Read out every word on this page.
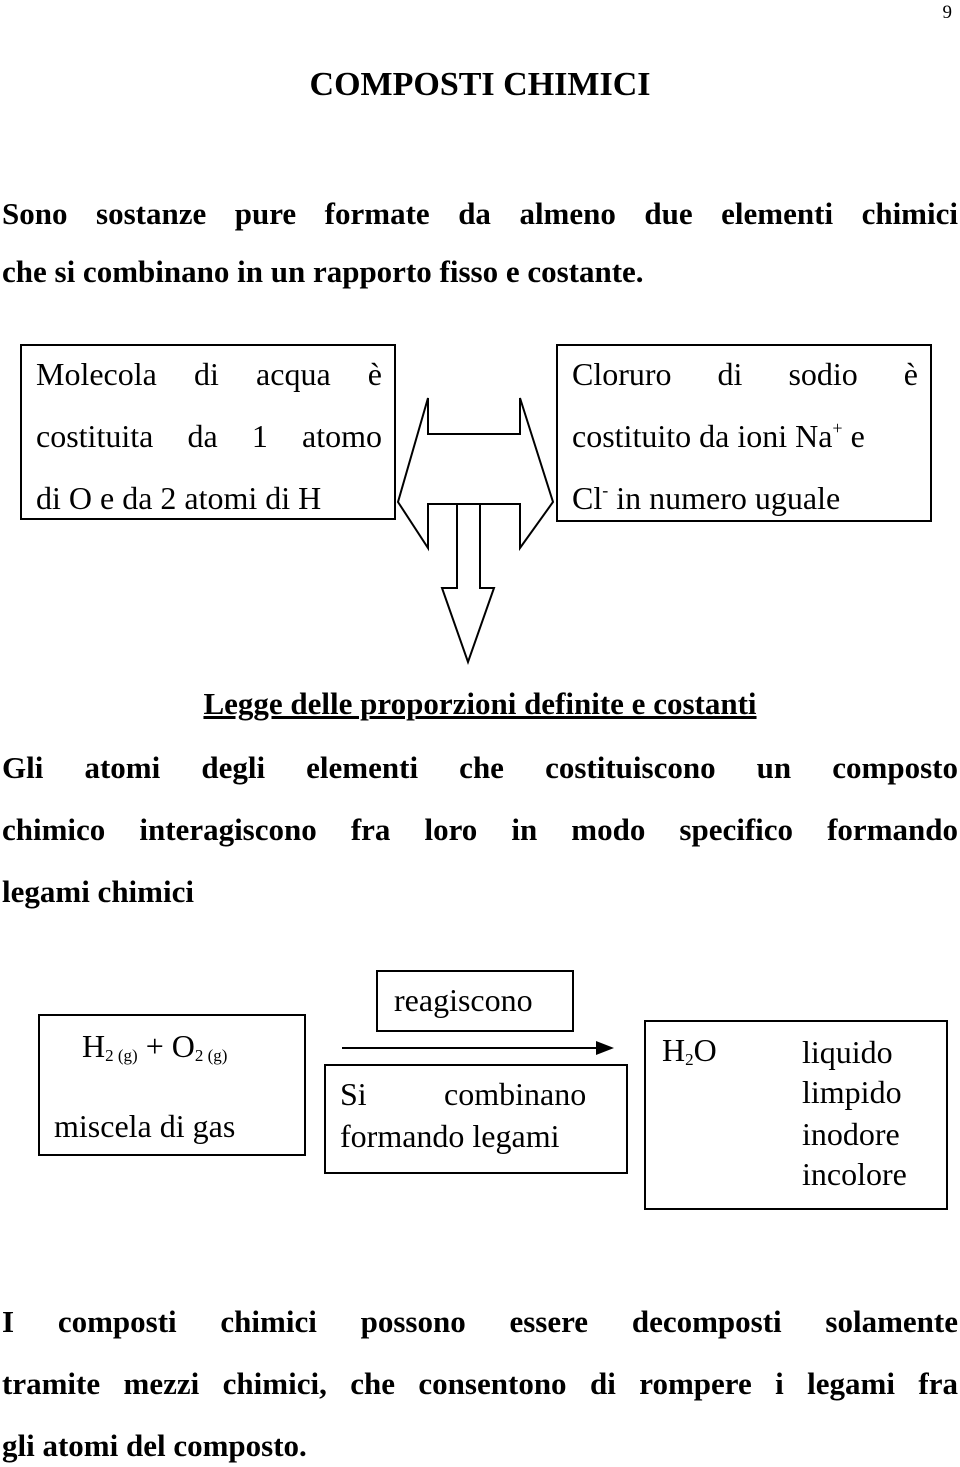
9
COMPOSTI CHIMICI
Sono sostanze pure formate da almeno due elementi chimici
che si combinano in un rapporto fisso e costante.
Molecola di acqua è
costituita da 1 atomo
di O e da 2 atomi di H
Cloruro di sodio è
costituito da ioni Na+ e
Cl- in numero uguale
Legge delle proporzioni definite e costanti
Gli atomi degli elementi che costituiscono un composto
chimico interagiscono fra loro in modo specifico formando
legami chimici
$H_{2 (g)} + O_{2 (g)}$
miscela di gas
reagiscono
Si combinano
formando legami
$H_2O$	liquido
limpido
inodore
incolore
I composti chimici possono essere decomposti solamente
tramite mezzi chimici, che consentono di rompere i legami fra
gli atomi del composto.
